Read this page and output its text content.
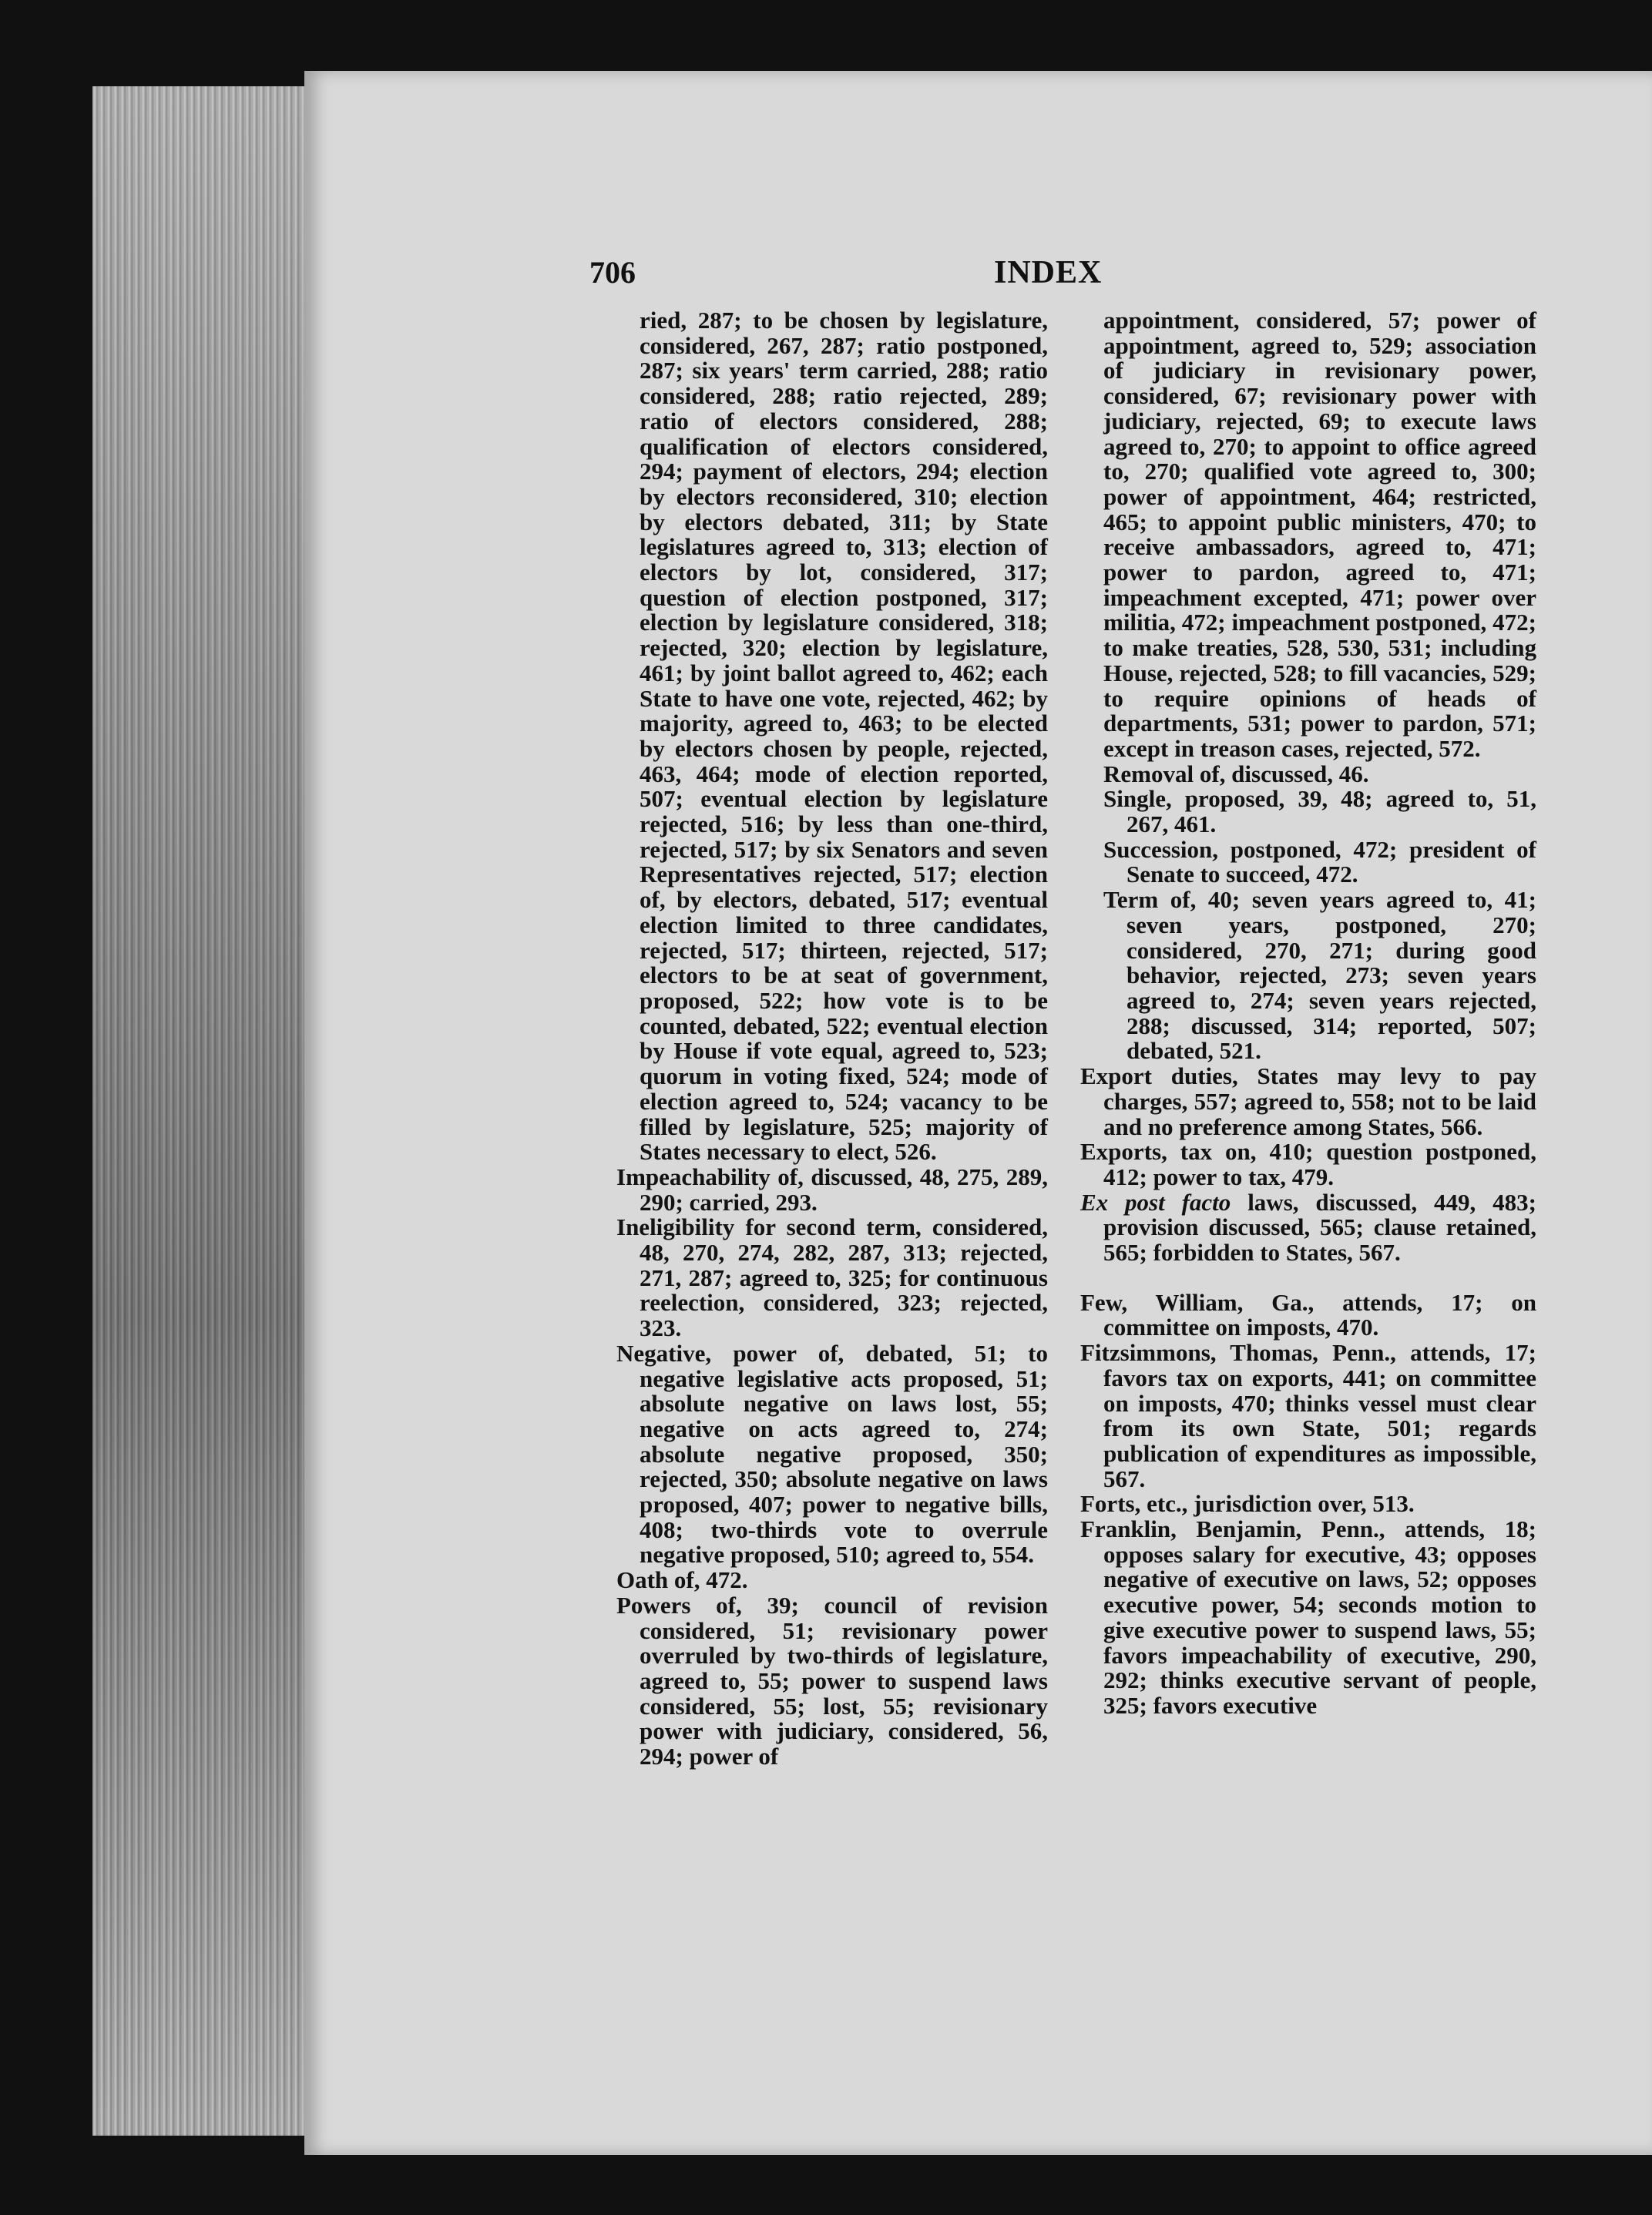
706	INDEX

ried, 287; to be chosen by legislature, considered, 267, 287; ratio postponed, 287; six years' term carried, 288; ratio considered, 288; ratio rejected, 289; ratio of electors considered, 288; qualification of electors considered, 294; payment of electors, 294; election by electors reconsidered, 310; election by electors debated, 311; by State legislatures agreed to, 313; election of electors by lot, considered, 317; question of election postponed, 317; election by legislature considered, 318; rejected, 320; election by legislature, 461; by joint ballot agreed to, 462; each State to have one vote, rejected, 462; by majority, agreed to, 463; to be elected by electors chosen by people, rejected, 463, 464; mode of election reported, 507; eventual election by legislature rejected, 516; by less than one-third, rejected, 517; by six Senators and seven Representatives rejected, 517; election of, by electors, debated, 517; eventual election limited to three candidates, rejected, 517; thirteen, rejected, 517; electors to be at seat of government, proposed, 522; how vote is to be counted, debated, 522; eventual election by House if vote equal, agreed to, 523; quorum in voting fixed, 524; mode of election agreed to, 524; vacancy to be filled by legislature, 525; majority of States necessary to elect, 526.

Impeachability of, discussed, 48, 275, 289, 290; carried, 293.

Ineligibility for second term, considered, 48, 270, 274, 282, 287, 313; rejected, 271, 287; agreed to, 325; for continuous reelection, considered, 323; rejected, 323.

Negative, power of, debated, 51; to negative legislative acts proposed, 51; absolute negative on laws lost, 55; negative on acts agreed to, 274; absolute negative proposed, 350; rejected, 350; absolute negative on laws proposed, 407; power to negative bills, 408; two-thirds vote to overrule negative proposed, 510; agreed to, 554.

Oath of, 472.

Powers of, 39; council of revision considered, 51; revisionary power overruled by two-thirds of legislature, agreed to, 55; power to suspend laws considered, 55; lost, 55; revisionary power with judiciary, considered, 56, 294; power of

appointment, considered, 57; power of appointment, agreed to, 529; association of judiciary in revisionary power, considered, 67; revisionary power with judiciary, rejected, 69; to execute laws agreed to, 270; to appoint to office agreed to, 270; qualified vote agreed to, 300; power of appointment, 464; restricted, 465; to appoint public ministers, 470; to receive ambassadors, agreed to, 471; power to pardon, agreed to, 471; impeachment excepted, 471; power over militia, 472; impeachment postponed, 472; to make treaties, 528, 530, 531; including House, rejected, 528; to fill vacancies, 529; to require opinions of heads of departments, 531; power to pardon, 571; except in treason cases, rejected, 572.

Removal of, discussed, 46.

Single, proposed, 39, 48; agreed to, 51, 267, 461.

Succession, postponed, 472; president of Senate to succeed, 472.

Term of, 40; seven years agreed to, 41; seven years, postponed, 270; considered, 270, 271; during good behavior, rejected, 273; seven years agreed to, 274; seven years rejected, 288; discussed, 314; reported, 507; debated, 521.

Export duties, States may levy to pay charges, 557; agreed to, 558; not to be laid and no preference among States, 566.

Exports, tax on, 410; question postponed, 412; power to tax, 479.

Ex post facto laws, discussed, 449, 483; provision discussed, 565; clause retained, 565; forbidden to States, 567.

Few, William, Ga., attends, 17; on committee on imposts, 470.

Fitzsimmons, Thomas, Penn., attends, 17; favors tax on exports, 441; on committee on imposts, 470; thinks vessel must clear from its own State, 501; regards publication of expenditures as impossible, 567.

Forts, etc., jurisdiction over, 513.

Franklin, Benjamin, Penn., attends, 18; opposes salary for executive, 43; opposes negative of executive on laws, 52; opposes executive power, 54; seconds motion to give executive power to suspend laws, 55; favors impeachability of executive, 290, 292; thinks executive servant of people, 325; favors executive
